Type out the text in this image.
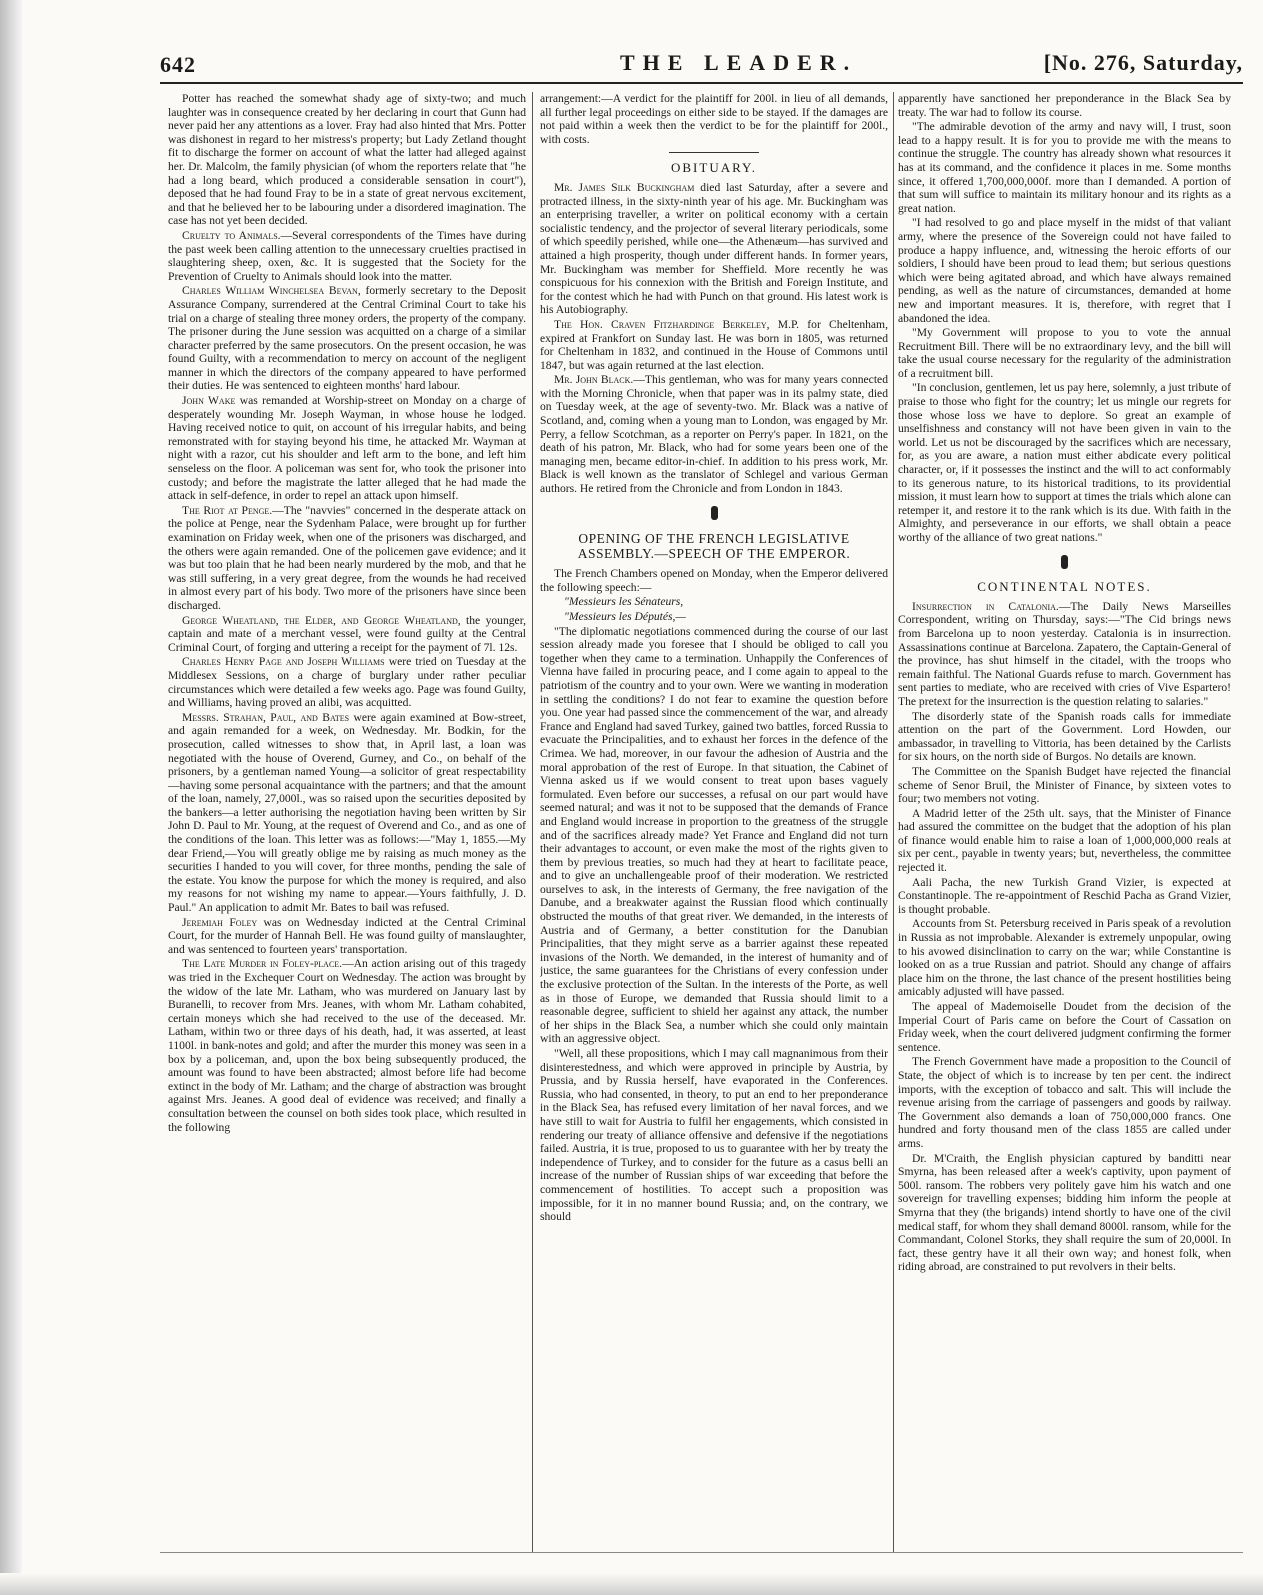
642	THE LEADER.	[No. 276, Saturday,

Potter has reached the somewhat shady age of sixty-two; and much laughter was in consequence created by her declaring in court that Gunn had never paid her any attentions as a lover. Fray had also hinted that Mrs. Potter was dishonest in regard to her mistress's property; but Lady Zetland thought fit to discharge the former on account of what the latter had alleged against her. Dr. Malcolm, the family physician (of whom the reporters relate that "he had a long beard, which produced a considerable sensation in court"), deposed that he had found Fray to be in a state of great nervous excitement, and that he believed her to be labouring under a disordered imagination. The case has not yet been decided.

Cruelty to Animals.—Several correspondents of the Times have during the past week been calling attention to the unnecessary cruelties practised in slaughtering sheep, oxen, &c. It is suggested that the Society for the Prevention of Cruelty to Animals should look into the matter.

Charles William Winchelsea Bevan, formerly secretary to the Deposit Assurance Company, surrendered at the Central Criminal Court to take his trial on a charge of stealing three money orders, the property of the company. The prisoner during the June session was acquitted on a charge of a similar character preferred by the same prosecutors. On the present occasion, he was found Guilty, with a recommendation to mercy on account of the negligent manner in which the directors of the company appeared to have performed their duties. He was sentenced to eighteen months' hard labour.

John Wake was remanded at Worship-street on Monday on a charge of desperately wounding Mr. Joseph Wayman, in whose house he lodged. Having received notice to quit, on account of his irregular habits, and being remonstrated with for staying beyond his time, he attacked Mr. Wayman at night with a razor, cut his shoulder and left arm to the bone, and left him senseless on the floor. A policeman was sent for, who took the prisoner into custody; and before the magistrate the latter alleged that he had made the attack in self-defence, in order to repel an attack upon himself.

The Riot at Penge.—The "navvies" concerned in the desperate attack on the police at Penge, near the Sydenham Palace, were brought up for further examination on Friday week, when one of the prisoners was discharged, and the others were again remanded. One of the policemen gave evidence; and it was but too plain that he had been nearly murdered by the mob, and that he was still suffering, in a very great degree, from the wounds he had received in almost every part of his body. Two more of the prisoners have since been discharged.

George Wheatland, the Elder, and George Wheatland, the younger, captain and mate of a merchant vessel, were found guilty at the Central Criminal Court, of forging and uttering a receipt for the payment of 7l. 12s.

Charles Henry Page and Joseph Williams were tried on Tuesday at the Middlesex Sessions, on a charge of burglary under rather peculiar circumstances which were detailed a few weeks ago. Page was found Guilty, and Williams, having proved an alibi, was acquitted.

Messrs. Strahan, Paul, and Bates were again examined at Bow-street, and again remanded for a week, on Wednesday. Mr. Bodkin, for the prosecution, called witnesses to show that, in April last, a loan was negotiated with the house of Overend, Gurney, and Co., on behalf of the prisoners, by a gentleman named Young—a solicitor of great respectability—having some personal acquaintance with the partners; and that the amount of the loan, namely, 27,000l., was so raised upon the securities deposited by the bankers—a letter authorising the negotiation having been written by Sir John D. Paul to Mr. Young, at the request of Overend and Co., and as one of the conditions of the loan. This letter was as follows:—"May 1, 1855.—My dear Friend,—You will greatly oblige me by raising as much money as the securities I handed to you will cover, for three months, pending the sale of the estate. You know the purpose for which the money is required, and also my reasons for not wishing my name to appear.—Yours faithfully, J. D. Paul." An application to admit Mr. Bates to bail was refused.

Jeremiah Foley was on Wednesday indicted at the Central Criminal Court, for the murder of Hannah Bell. He was found guilty of manslaughter, and was sentenced to fourteen years' transportation.

The Late Murder in Foley-place.—An action arising out of this tragedy was tried in the Exchequer Court on Wednesday. The action was brought by the widow of the late Mr. Latham, who was murdered on January last by Buranelli, to recover from Mrs. Jeanes, with whom Mr. Latham cohabited, certain moneys which she had received to the use of the deceased. Mr. Latham, within two or three days of his death, had, it was asserted, at least 1100l. in bank-notes and gold; and after the murder this money was seen in a box by a policeman, and, upon the box being subsequently produced, the amount was found to have been abstracted; almost before life had become extinct in the body of Mr. Latham; and the charge of abstraction was brought against Mrs. Jeanes. A good deal of evidence was received; and finally a consultation between the counsel on both sides took place, which resulted in the following

arrangement:—A verdict for the plaintiff for 200l. in lieu of all demands, all further legal proceedings on either side to be stayed. If the damages are not paid within a week then the verdict to be for the plaintiff for 200l., with costs.

OBITUARY.

Mr. James Silk Buckingham died last Saturday, after a severe and protracted illness, in the sixty-ninth year of his age. Mr. Buckingham was an enterprising traveller, a writer on political economy with a certain socialistic tendency, and the projector of several literary periodicals, some of which speedily perished, while one—the Athenæum—has survived and attained a high prosperity, though under different hands. In former years, Mr. Buckingham was member for Sheffield. More recently he was conspicuous for his connexion with the British and Foreign Institute, and for the contest which he had with Punch on that ground. His latest work is his Autobiography.

The Hon. Craven Fitzhardinge Berkeley, M.P. for Cheltenham, expired at Frankfort on Sunday last. He was born in 1805, was returned for Cheltenham in 1832, and continued in the House of Commons until 1847, but was again returned at the last election.

Mr. John Black.—This gentleman, who was for many years connected with the Morning Chronicle, when that paper was in its palmy state, died on Tuesday week, at the age of seventy-two. Mr. Black was a native of Scotland, and, coming when a young man to London, was engaged by Mr. Perry, a fellow Scotchman, as a reporter on Perry's paper. In 1821, on the death of his patron, Mr. Black, who had for some years been one of the managing men, became editor-in-chief. In addition to his press work, Mr. Black is well known as the translator of Schlegel and various German authors. He retired from the Chronicle and from London in 1843.

OPENING OF THE FRENCH LEGISLATIVE ASSEMBLY.—SPEECH OF THE EMPEROR.

The French Chambers opened on Monday, when the Emperor delivered the following speech:—

"Messieurs les Sénateurs,

"Messieurs les Députés,—

"The diplomatic negotiations commenced during the course of our last session already made you foresee that I should be obliged to call you together when they came to a termination. Unhappily the Conferences of Vienna have failed in procuring peace, and I come again to appeal to the patriotism of the country and to your own. Were we wanting in moderation in settling the conditions? I do not fear to examine the question before you. One year had passed since the commencement of the war, and already France and England had saved Turkey, gained two battles, forced Russia to evacuate the Principalities, and to exhaust her forces in the defence of the Crimea. We had, moreover, in our favour the adhesion of Austria and the moral approbation of the rest of Europe. In that situation, the Cabinet of Vienna asked us if we would consent to treat upon bases vaguely formulated. Even before our successes, a refusal on our part would have seemed natural; and was it not to be supposed that the demands of France and England would increase in proportion to the greatness of the struggle and of the sacrifices already made? Yet France and England did not turn their advantages to account, or even make the most of the rights given to them by previous treaties, so much had they at heart to facilitate peace, and to give an unchallengeable proof of their moderation. We restricted ourselves to ask, in the interests of Germany, the free navigation of the Danube, and a breakwater against the Russian flood which continually obstructed the mouths of that great river. We demanded, in the interests of Austria and of Germany, a better constitution for the Danubian Principalities, that they might serve as a barrier against these repeated invasions of the North. We demanded, in the interest of humanity and of justice, the same guarantees for the Christians of every confession under the exclusive protection of the Sultan. In the interests of the Porte, as well as in those of Europe, we demanded that Russia should limit to a reasonable degree, sufficient to shield her against any attack, the number of her ships in the Black Sea, a number which she could only maintain with an aggressive object.

"Well, all these propositions, which I may call magnanimous from their disinterestedness, and which were approved in principle by Austria, by Prussia, and by Russia herself, have evaporated in the Conferences. Russia, who had consented, in theory, to put an end to her preponderance in the Black Sea, has refused every limitation of her naval forces, and we have still to wait for Austria to fulfil her engagements, which consisted in rendering our treaty of alliance offensive and defensive if the negotiations failed. Austria, it is true, proposed to us to guarantee with her by treaty the independence of Turkey, and to consider for the future as a casus belli an increase of the number of Russian ships of war exceeding that before the commencement of hostilities. To accept such a proposition was impossible, for it in no manner bound Russia; and, on the contrary, we should

apparently have sanctioned her preponderance in the Black Sea by treaty. The war had to follow its course.

"The admirable devotion of the army and navy will, I trust, soon lead to a happy result. It is for you to provide me with the means to continue the struggle. The country has already shown what resources it has at its command, and the confidence it places in me. Some months since, it offered 1,700,000,000f. more than I demanded. A portion of that sum will suffice to maintain its military honour and its rights as a great nation.

"I had resolved to go and place myself in the midst of that valiant army, where the presence of the Sovereign could not have failed to produce a happy influence, and, witnessing the heroic efforts of our soldiers, I should have been proud to lead them; but serious questions which were being agitated abroad, and which have always remained pending, as well as the nature of circumstances, demanded at home new and important measures. It is, therefore, with regret that I abandoned the idea.

"My Government will propose to you to vote the annual Recruitment Bill. There will be no extraordinary levy, and the bill will take the usual course necessary for the regularity of the administration of a recruitment bill.

"In conclusion, gentlemen, let us pay here, solemnly, a just tribute of praise to those who fight for the country; let us mingle our regrets for those whose loss we have to deplore. So great an example of unselfishness and constancy will not have been given in vain to the world. Let us not be discouraged by the sacrifices which are necessary, for, as you are aware, a nation must either abdicate every political character, or, if it possesses the instinct and the will to act conformably to its generous nature, to its historical traditions, to its providential mission, it must learn how to support at times the trials which alone can retemper it, and restore it to the rank which is its due. With faith in the Almighty, and perseverance in our efforts, we shall obtain a peace worthy of the alliance of two great nations."

CONTINENTAL NOTES.

Insurrection in Catalonia.—The Daily News Marseilles Correspondent, writing on Thursday, says:—"The Cid brings news from Barcelona up to noon yesterday. Catalonia is in insurrection. Assassinations continue at Barcelona. Zapatero, the Captain-General of the province, has shut himself in the citadel, with the troops who remain faithful. The National Guards refuse to march. Government has sent parties to mediate, who are received with cries of Vive Espartero! The pretext for the insurrection is the question relating to salaries."

The disorderly state of the Spanish roads calls for immediate attention on the part of the Government. Lord Howden, our ambassador, in travelling to Vittoria, has been detained by the Carlists for six hours, on the north side of Burgos. No details are known.

The Committee on the Spanish Budget have rejected the financial scheme of Senor Bruil, the Minister of Finance, by sixteen votes to four; two members not voting.

A Madrid letter of the 25th ult. says, that the Minister of Finance had assured the committee on the budget that the adoption of his plan of finance would enable him to raise a loan of 1,000,000,000 reals at six per cent., payable in twenty years; but, nevertheless, the committee rejected it.

Aali Pacha, the new Turkish Grand Vizier, is expected at Constantinople. The re-appointment of Reschid Pacha as Grand Vizier, is thought probable.

Accounts from St. Petersburg received in Paris speak of a revolution in Russia as not improbable. Alexander is extremely unpopular, owing to his avowed disinclination to carry on the war; while Constantine is looked on as a true Russian and patriot. Should any change of affairs place him on the throne, the last chance of the present hostilities being amicably adjusted will have passed.

The appeal of Mademoiselle Doudet from the decision of the Imperial Court of Paris came on before the Court of Cassation on Friday week, when the court delivered judgment confirming the former sentence.

The French Government have made a proposition to the Council of State, the object of which is to increase by ten per cent. the indirect imports, with the exception of tobacco and salt. This will include the revenue arising from the carriage of passengers and goods by railway. The Government also demands a loan of 750,000,000 francs. One hundred and forty thousand men of the class 1855 are called under arms.

Dr. M'Craith, the English physician captured by banditti near Smyrna, has been released after a week's captivity, upon payment of 500l. ransom. The robbers very politely gave him his watch and one sovereign for travelling expenses; bidding him inform the people at Smyrna that they (the brigands) intend shortly to have one of the civil medical staff, for whom they shall demand 8000l. ransom, while for the Commandant, Colonel Storks, they shall require the sum of 20,000l. In fact, these gentry have it all their own way; and honest folk, when riding abroad, are constrained to put revolvers in their belts.
